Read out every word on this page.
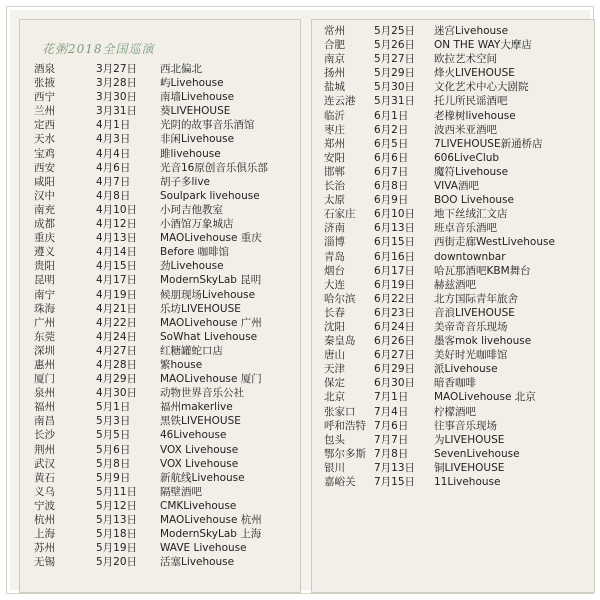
花粥2018全国巡演
酒泉	3月27日 西北偏北
张掖	3月28日 屿Livehouse
西宁	3月30日 南墙Livehouse
兰州	3月31日 葵LIVEHOUSE
定西	4月1日	光阴的故事音乐酒馆
天水	4月3日	非闲Livehouse
宝鸡	4月4日	雎livehouse
西安	4月6日	光音16原创音乐俱乐部
咸阳	4月7日	胡子多live
汉中	4月8日	Soulpark livehouse
南充	4月10日 小珂吉他教室
成都	4月12日 小酒馆万象城店
重庆	4月13日 MAOLivehouse 重庆
遵义	4月14日 Before 咖啡馆
贵阳	4月15日 劲Livehouse
昆明	4月17日 ModernSkyLab 昆明
南宁	4月19日 候朋现场Livehouse
珠海	4月21日 乐坊LIVEHOUSE
广州	4月22日 MAOLivehouse 广州
东莞	4月24日 SoWhat Livehouse
深圳	4月27日 红糖罐蛇口店
惠州	4月28日 繁house
厦门	4月29日 MAOLivehouse 厦门
泉州	4月30日 动物世界音乐公社
福州	5月1日	福州makerlive
南昌	5月3日	黑铁LIVEHOUSE
长沙	5月5日	46Livehouse
荆州	5月6日	VOX Livehouse
武汉	5月8日	VOX Livehouse
黄石	5月9日	新航线Livehouse
义乌	5月11日 隔壁酒吧
宁波	5月12日 CMKLivehouse
杭州	5月13日 MAOLivehouse 杭州
上海	5月18日 ModernSkyLab 上海
苏州	5月19日 WAVE Livehouse
无锡	5月20日 活塞Livehouse
常州	5月25日 迷宫Livehouse
合肥	5月26日 ON THE WAY大摩店
南京	5月27日 欧拉艺术空间
扬州	5月29日 烽火LIVEHOUSE
盐城	5月30日 文化艺术中心大剧院
连云港 5月31日 托儿所民谣酒吧
临沂	6月1日 老橡树livehouse
枣庄	6月2日 波西米亚酒吧
郑州	6月5日 7LIVEHOUSE新通桥店
安阳	6月6日 606LiveClub
邯郸	6月7日 魔符Livehouse
长治	6月8日 VIVA酒吧
太原	6月9日 BOO Livehouse
石家庄 6月10日 地下丝绒汇文店
济南	6月13日 班卓音乐酒吧
淄博	6月15日 西街走廊WestLivehouse
青岛	6月16日 downtownbar
烟台	6月17日 哈瓦那酒吧KBM舞台
大连	6月19日 赫兹酒吧
哈尔滨 6月22日 北方国际青年旅舍
长春	6月23日 音浪LIVEHOUSE
沈阳	6月24日 美帝奇音乐现场
秦皇岛 6月26日 墨客mok livehouse
唐山	6月27日 美好时光咖啡馆
天津	6月29日 派Livehouse
保定	6月30日 暗香咖啡
北京	7月1日 MAOLivehouse 北京
张家口 7月4日 柠檬酒吧
呼和浩特 7月6日 往事音乐现场
包头	7月7日 为LIVEHOUSE
鄂尔多斯 7月8日 SevenLivehouse
银川	7月13日 铜LIVEHOUSE
嘉峪关 7月15日 11Livehouse
